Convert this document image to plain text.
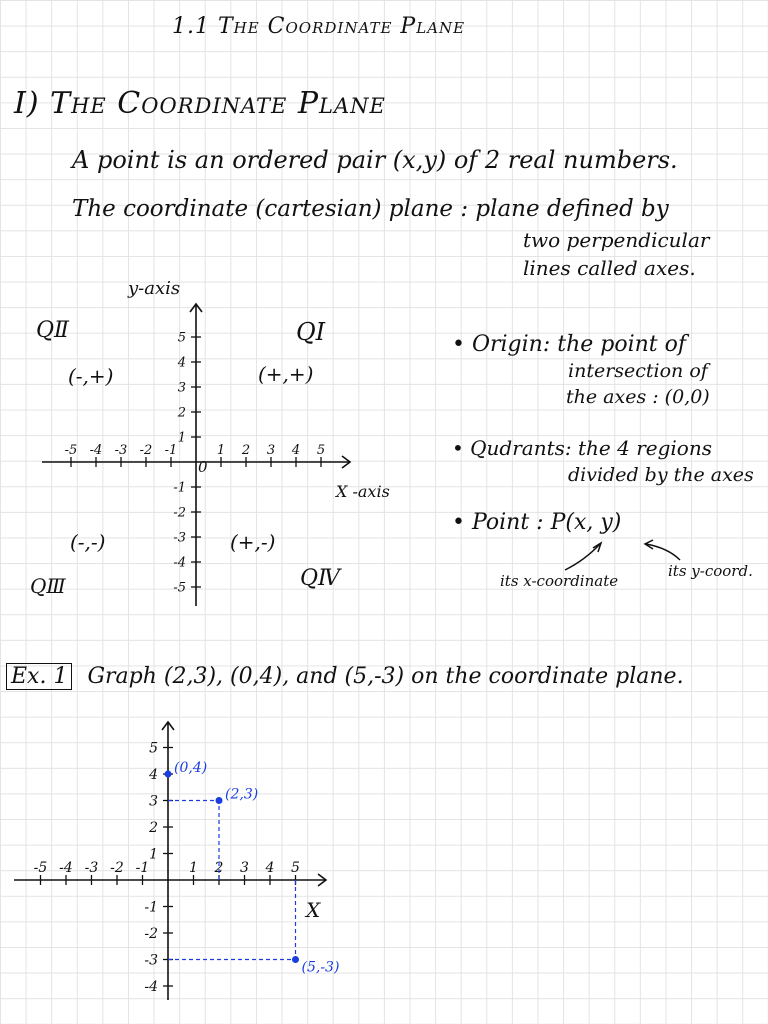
1.1 The Coordinate Plane
I) The Coordinate Plane
A point is an ordered pair (x,y) of 2 real numbers.
The coordinate (cartesian) plane : plane defined by
two perpendicular
lines called axes.
-5 -4 -3 -2 -1	1 2 3 4 5
-5
-4
-3
-2
-1
1
2
3
4
5
y-axis
X -axis
0
QⅡ
(-,+)
QⅠ
(+,+)
(-,-)
QⅢ
(+,-)
QⅣ
• Origin: the point of
intersection of
the axes : (0,0)
• Qudrants: the 4 regions
divided by the axes
• Point : P(x, y)
its x-coordinate
its y-coord.
Ex. 1 Graph (2,3), (0,4), and (5,-3) on the coordinate plane.
-5 -4 -3 -2 -1	1 2 3 4 5
-4
-3
-2
-1
1
2
3
4
5
(0,4)
(2,3)
(5,-3)
X
